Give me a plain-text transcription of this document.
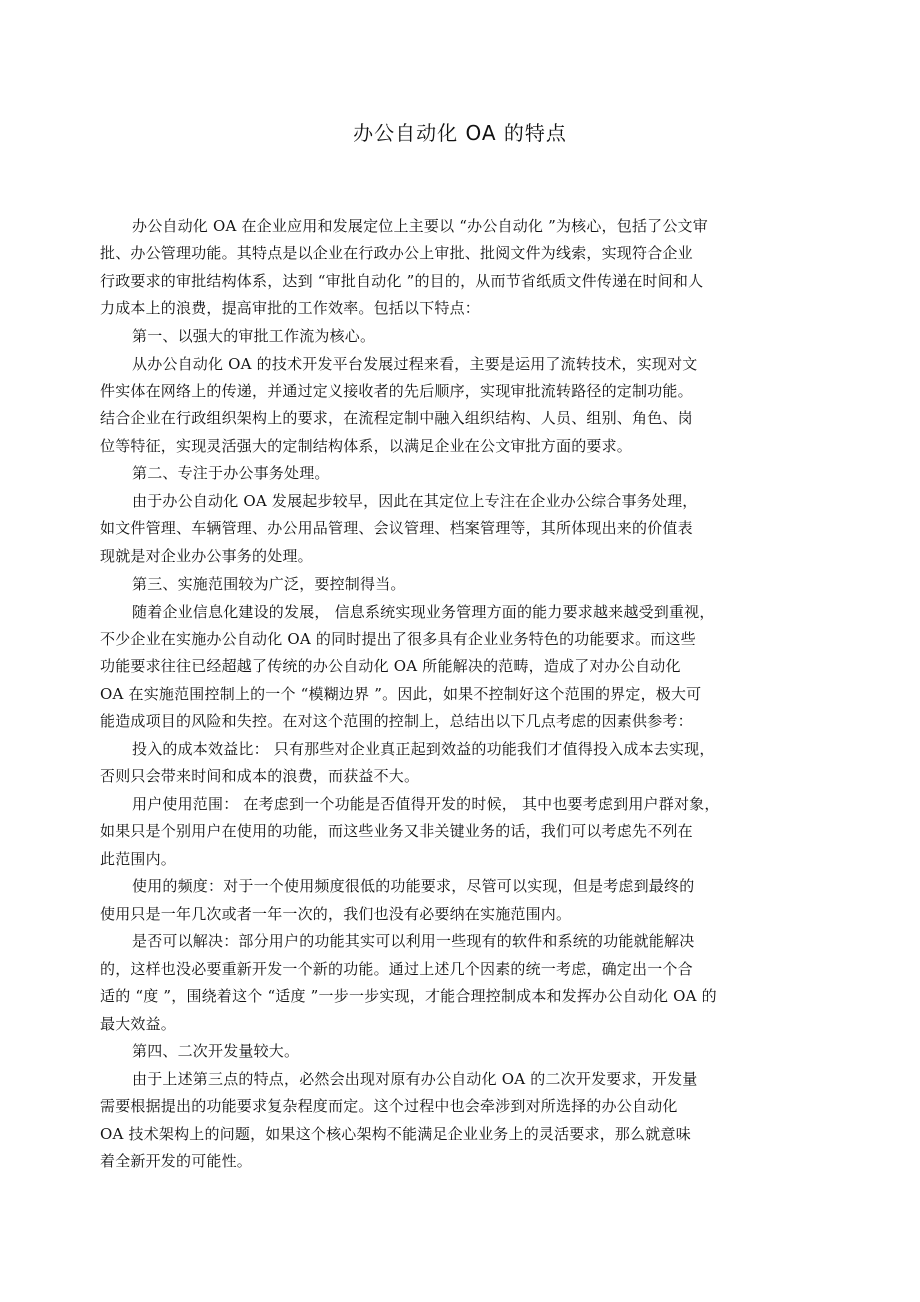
办公自动化 OA 的特点
办公自动化 OA 在企业应用和发展定位上主要以 “办公自动化 ”为核心，包括了公文审
批、办公管理功能。其特点是以企业在行政办公上审批、批阅文件为线索，实现符合企业
行政要求的审批结构体系，达到 “审批自动化 ”的目的，从而节省纸质文件传递在时间和人
力成本上的浪费，提高审批的工作效率。包括以下特点：
第一、以强大的审批工作流为核心。
从办公自动化 OA 的技术开发平台发展过程来看，主要是运用了流转技术，实现对文
件实体在网络上的传递，并通过定义接收者的先后顺序，实现审批流转路径的定制功能。
结合企业在行政组织架构上的要求，在流程定制中融入组织结构、人员、组别、角色、岗
位等特征，实现灵活强大的定制结构体系，以满足企业在公文审批方面的要求。
第二、专注于办公事务处理。
由于办公自动化 OA 发展起步较早，因此在其定位上专注在企业办公综合事务处理，
如文件管理、车辆管理、办公用品管理、会议管理、档案管理等，其所体现出来的价值表
现就是对企业办公事务的处理。
第三、实施范围较为广泛，要控制得当。
随着企业信息化建设的发展， 信息系统实现业务管理方面的能力要求越来越受到重视，
不少企业在实施办公自动化 OA 的同时提出了很多具有企业业务特色的功能要求。而这些
功能要求往往已经超越了传统的办公自动化 OA 所能解决的范畴，造成了对办公自动化
OA 在实施范围控制上的一个 “模糊边界 ”。因此，如果不控制好这个范围的界定，极大可
能造成项目的风险和失控。在对这个范围的控制上，总结出以下几点考虑的因素供参考：
投入的成本效益比： 只有那些对企业真正起到效益的功能我们才值得投入成本去实现，
否则只会带来时间和成本的浪费，而获益不大。
用户使用范围： 在考虑到一个功能是否值得开发的时候， 其中也要考虑到用户群对象，
如果只是个别用户在使用的功能，而这些业务又非关键业务的话，我们可以考虑先不列在
此范围内。
使用的频度：对于一个使用频度很低的功能要求，尽管可以实现，但是考虑到最终的
使用只是一年几次或者一年一次的，我们也没有必要纳在实施范围内。
是否可以解决：部分用户的功能其实可以利用一些现有的软件和系统的功能就能解决
的，这样也没必要重新开发一个新的功能。通过上述几个因素的统一考虑，确定出一个合
适的 “度 ”，围绕着这个 “适度 ”一步一步实现，才能合理控制成本和发挥办公自动化 OA 的
最大效益。
第四、二次开发量较大。
由于上述第三点的特点，必然会出现对原有办公自动化 OA 的二次开发要求，开发量
需要根据提出的功能要求复杂程度而定。这个过程中也会牵涉到对所选择的办公自动化
OA 技术架构上的问题，如果这个核心架构不能满足企业业务上的灵活要求，那么就意味
着全新开发的可能性。
